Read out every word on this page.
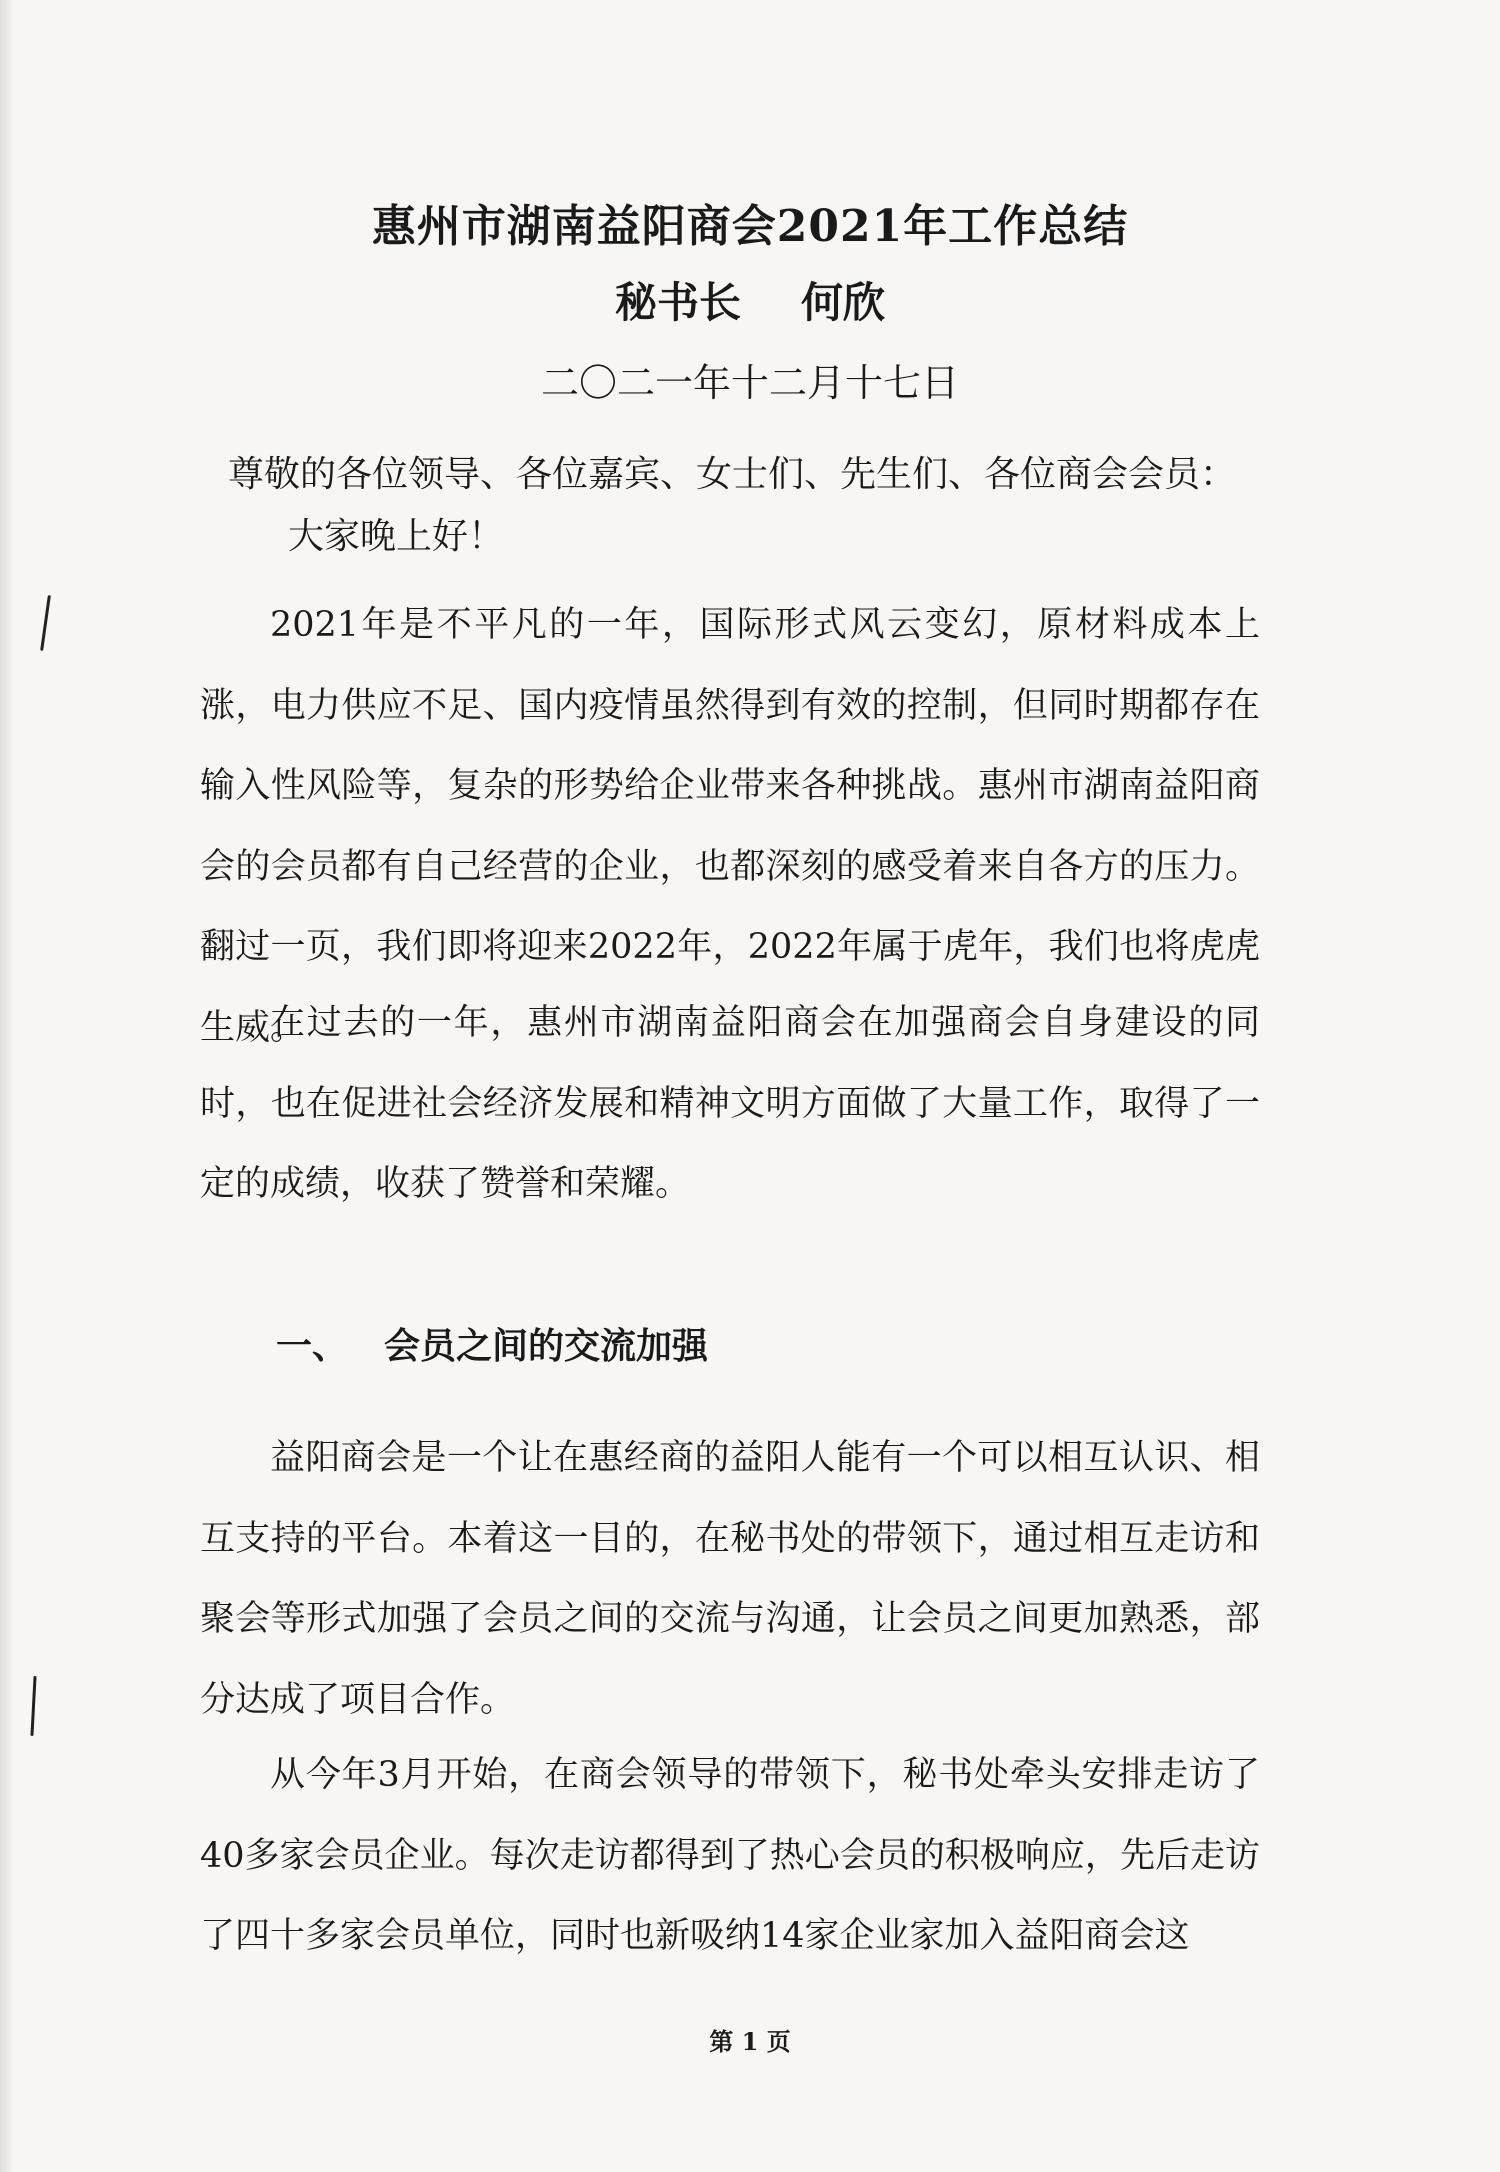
惠州市湖南益阳商会2021年工作总结
秘书长 何欣
二〇二一年十二月十七日
尊敬的各位领导、各位嘉宾、女士们、先生们、各位商会会员：
大家晚上好！

2021年是不平凡的一年，国际形式风云变幻，原材料成本上涨，电力供应不足、国内疫情虽然得到有效的控制，但同时期都存在输入性风险等，复杂的形势给企业带来各种挑战。惠州市湖南益阳商会的会员都有自己经营的企业，也都深刻的感受着来自各方的压力。翻过一页，我们即将迎来2022年，2022年属于虎年，我们也将虎虎生威。

在过去的一年，惠州市湖南益阳商会在加强商会自身建设的同时，也在促进社会经济发展和精神文明方面做了大量工作，取得了一定的成绩，收获了赞誉和荣耀。

一、 会员之间的交流加强

益阳商会是一个让在惠经商的益阳人能有一个可以相互认识、相互支持的平台。本着这一目的，在秘书处的带领下，通过相互走访和聚会等形式加强了会员之间的交流与沟通，让会员之间更加熟悉，部分达成了项目合作。

从今年3月开始，在商会领导的带领下，秘书处牵头安排走访了40多家会员企业。每次走访都得到了热心会员的积极响应，先后走访了四十多家会员单位，同时也新吸纳14家企业家加入益阳商会这

第 1 页
